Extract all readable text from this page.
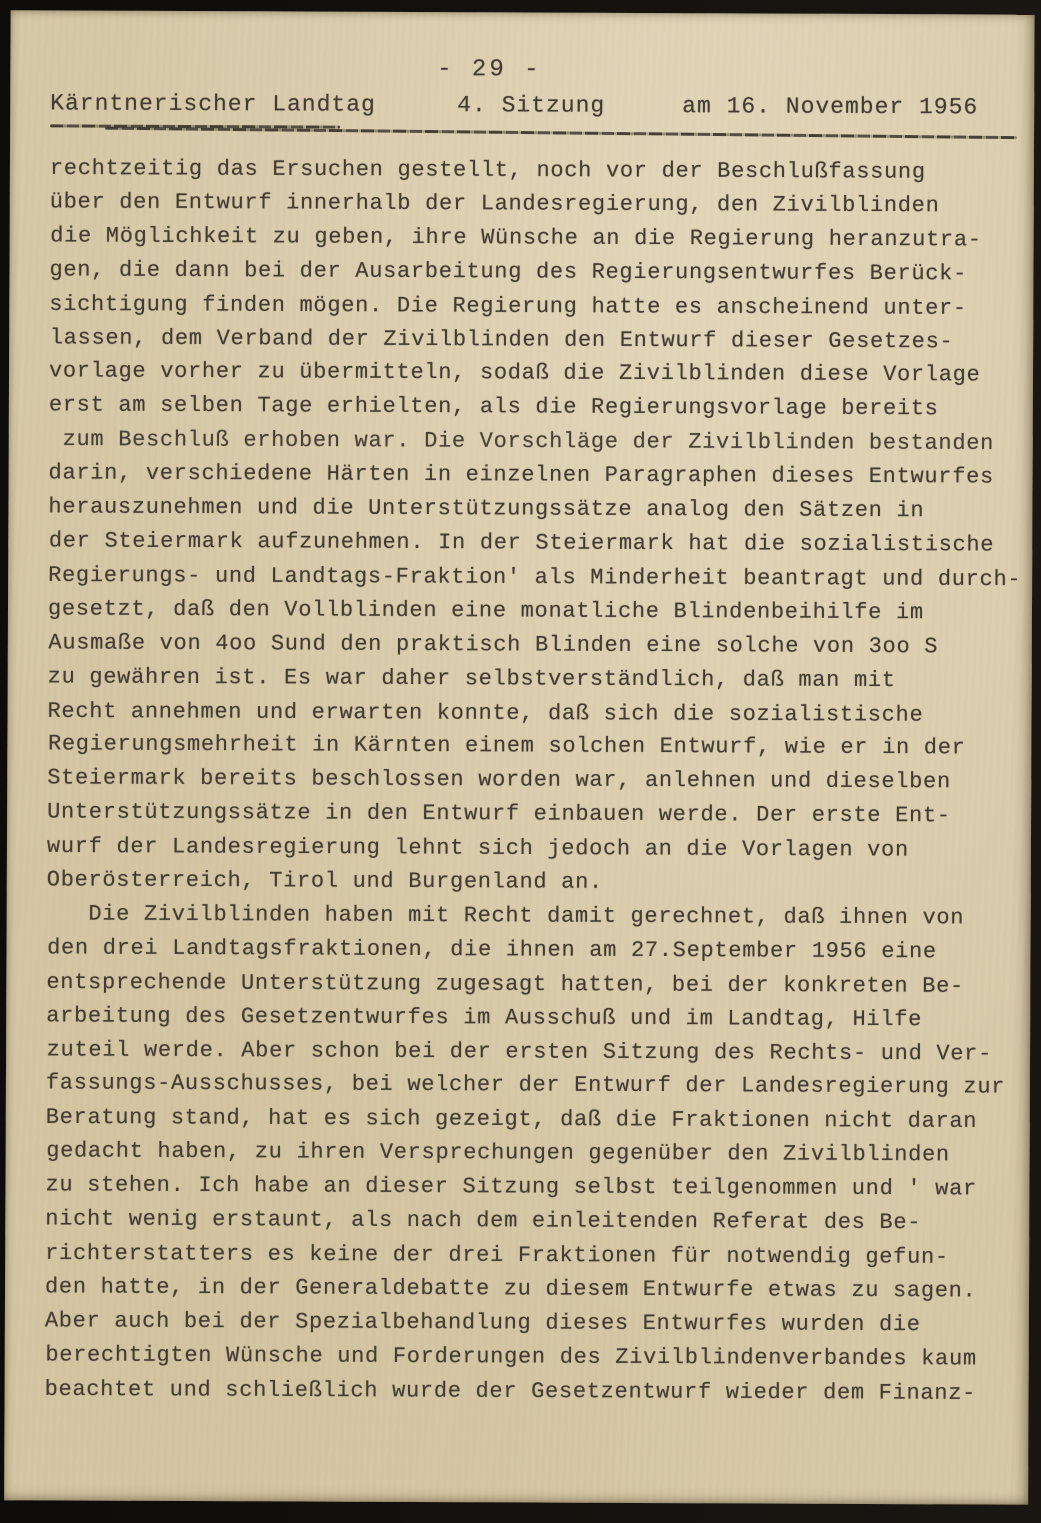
- 29 -
Kärntnerischer Landtag	4. Sitzung	am 16. November 1956
rechtzeitig das Ersuchen gestellt, noch vor der Beschlußfassung
über den Entwurf innerhalb der Landesregierung, den Zivilblinden
die Möglichkeit zu geben, ihre Wünsche an die Regierung heranzutra-
gen, die dann bei der Ausarbeitung des Regierungsentwurfes Berück-
sichtigung finden mögen. Die Regierung hatte es anscheinend unter-
lassen, dem Verband der Zivilblinden den Entwurf dieser Gesetzes-
vorlage vorher zu übermitteln, sodaß die Zivilblinden diese Vorlage
erst am selben Tage erhielten, als die Regierungsvorlage bereits
zum Beschluß erhoben war. Die Vorschläge der Zivilblinden bestanden
darin, verschiedene Härten in einzelnen Paragraphen dieses Entwurfes
herauszunehmen und die Unterstützungssätze analog den Sätzen in
der Steiermark aufzunehmen. In der Steiermark hat die sozialistische
Regierungs- und Landtags-Fraktion' als Minderheit beantragt und durch-
gesetzt, daß den Vollblinden eine monatliche Blindenbeihilfe im
Ausmaße von 4oo Sund den praktisch Blinden eine solche von 3oo S
zu gewähren ist. Es war daher selbstverständlich, daß man mit
Recht annehmen und erwarten konnte, daß sich die sozialistische
Regierungsmehrheit in Kärnten einem solchen Entwurf, wie er in der
Steiermark bereits beschlossen worden war, anlehnen und dieselben
Unterstützungssätze in den Entwurf einbauen werde. Der erste Ent-
wurf der Landesregierung lehnt sich jedoch an die Vorlagen von
Oberösterreich, Tirol und Burgenland an.
Die Zivilblinden haben mit Recht damit gerechnet, daß ihnen von
den drei Landtagsfraktionen, die ihnen am 27.September 1956 eine
entsprechende Unterstützung zugesagt hatten, bei der konkreten Be-
arbeitung des Gesetzentwurfes im Ausschuß und im Landtag, Hilfe
zuteil werde. Aber schon bei der ersten Sitzung des Rechts- und Ver-
fassungs-Ausschusses, bei welcher der Entwurf der Landesregierung zur
Beratung stand, hat es sich gezeigt, daß die Fraktionen nicht daran
gedacht haben, zu ihren Versprechungen gegenüber den Zivilblinden
zu stehen. Ich habe an dieser Sitzung selbst teilgenommen und ' war
nicht wenig erstaunt, als nach dem einleitenden Referat des Be-
richterstatters es keine der drei Fraktionen für notwendig gefun-
den hatte, in der Generaldebatte zu diesem Entwurfe etwas zu sagen.
Aber auch bei der Spezialbehandlung dieses Entwurfes wurden die
berechtigten Wünsche und Forderungen des Zivilblindenverbandes kaum
beachtet und schließlich wurde der Gesetzentwurf wieder dem Finanz-
